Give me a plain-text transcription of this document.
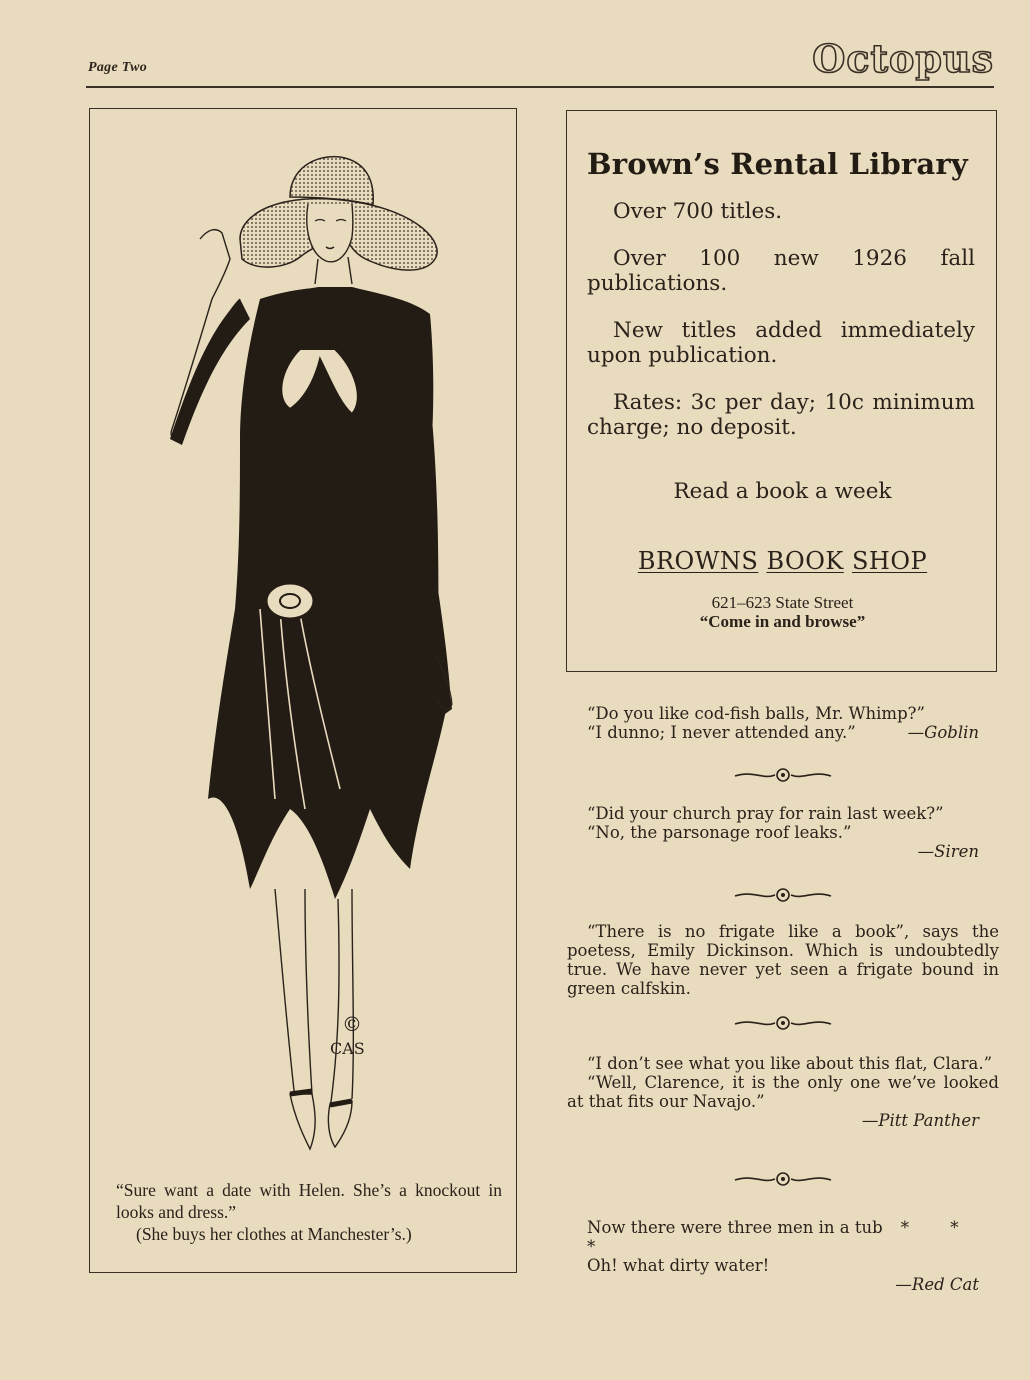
Page Two	Octopus
©
CAS

“Sure want a date with Helen. She’s a knockout in looks and dress.”

(She buys her clothes at Manchester’s.)

Brown’s Rental Library

Over 700 titles.

Over 100 new 1926 fall publications.

New titles added immediately upon publication.

Rates: 3c per day; 10c minimum charge; no deposit.

Read a book a week
BROWNS BOOK SHOP
621–623 State Street
“Come in and browse”

“Do you like cod-fish balls, Mr. Whimp?”

“I dunno; I never attended any.”	—Goblin

“Did your church pray for rain last week?”

“No, the parsonage roof leaks.”

—Siren

“There is no frigate like a book”, says the poetess, Emily Dickinson. Which is undoubtedly true. We have never yet seen a frigate bound in green calfskin.

“I don’t see what you like about this flat, Clara.”

“Well, Clarence, it is the only one we’ve looked at that fits our Navajo.”

—Pitt Panther

Now there were three men in a tub * * *

Oh! what dirty water!

—Red Cat
